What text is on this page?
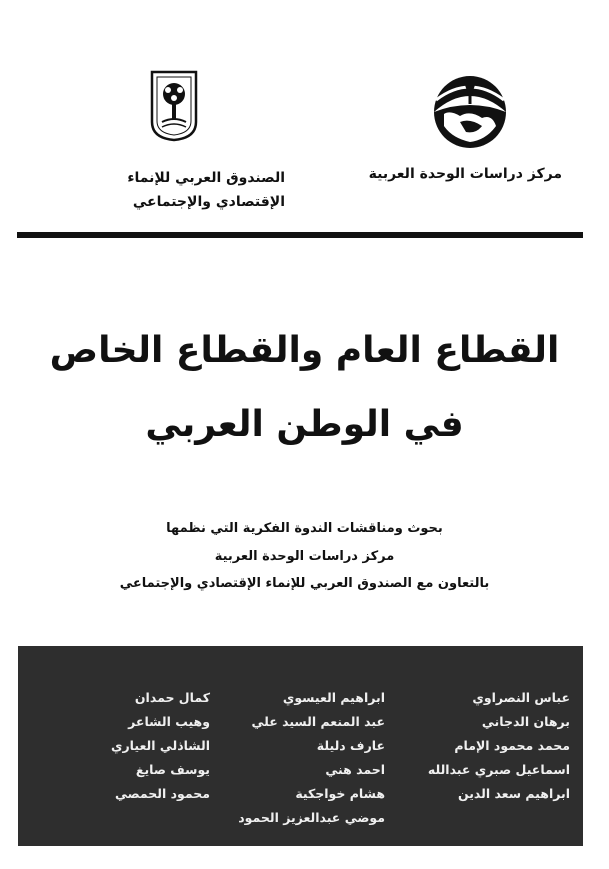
مركز دراسات الوحدة العربية
الصندوق العربي للإنماء
الإقتصادي والإجتماعي
القطاع العام والقطاع الخاص
في الوطن العربي
بحوث ومناقشات الندوة الفكرية التي نظمها
مركز دراسات الوحدة العربية
بالتعاون مع الصندوق العربي للإنماء الإقتصادي والإجتماعي
عباس النصراوي
برهان الدجاني
محمد محمود الإمام
اسماعيل صبري عبدالله
ابراهيم سعد الدين
ابراهيم العيسوي
عبد المنعم السيد علي
عارف دليلة
احمد هني
هشام خواجكية
موضي عبدالعزيز الحمود
كمال حمدان
وهيب الشاعر
الشاذلي العياري
يوسف صايغ
محمود الحمصي
